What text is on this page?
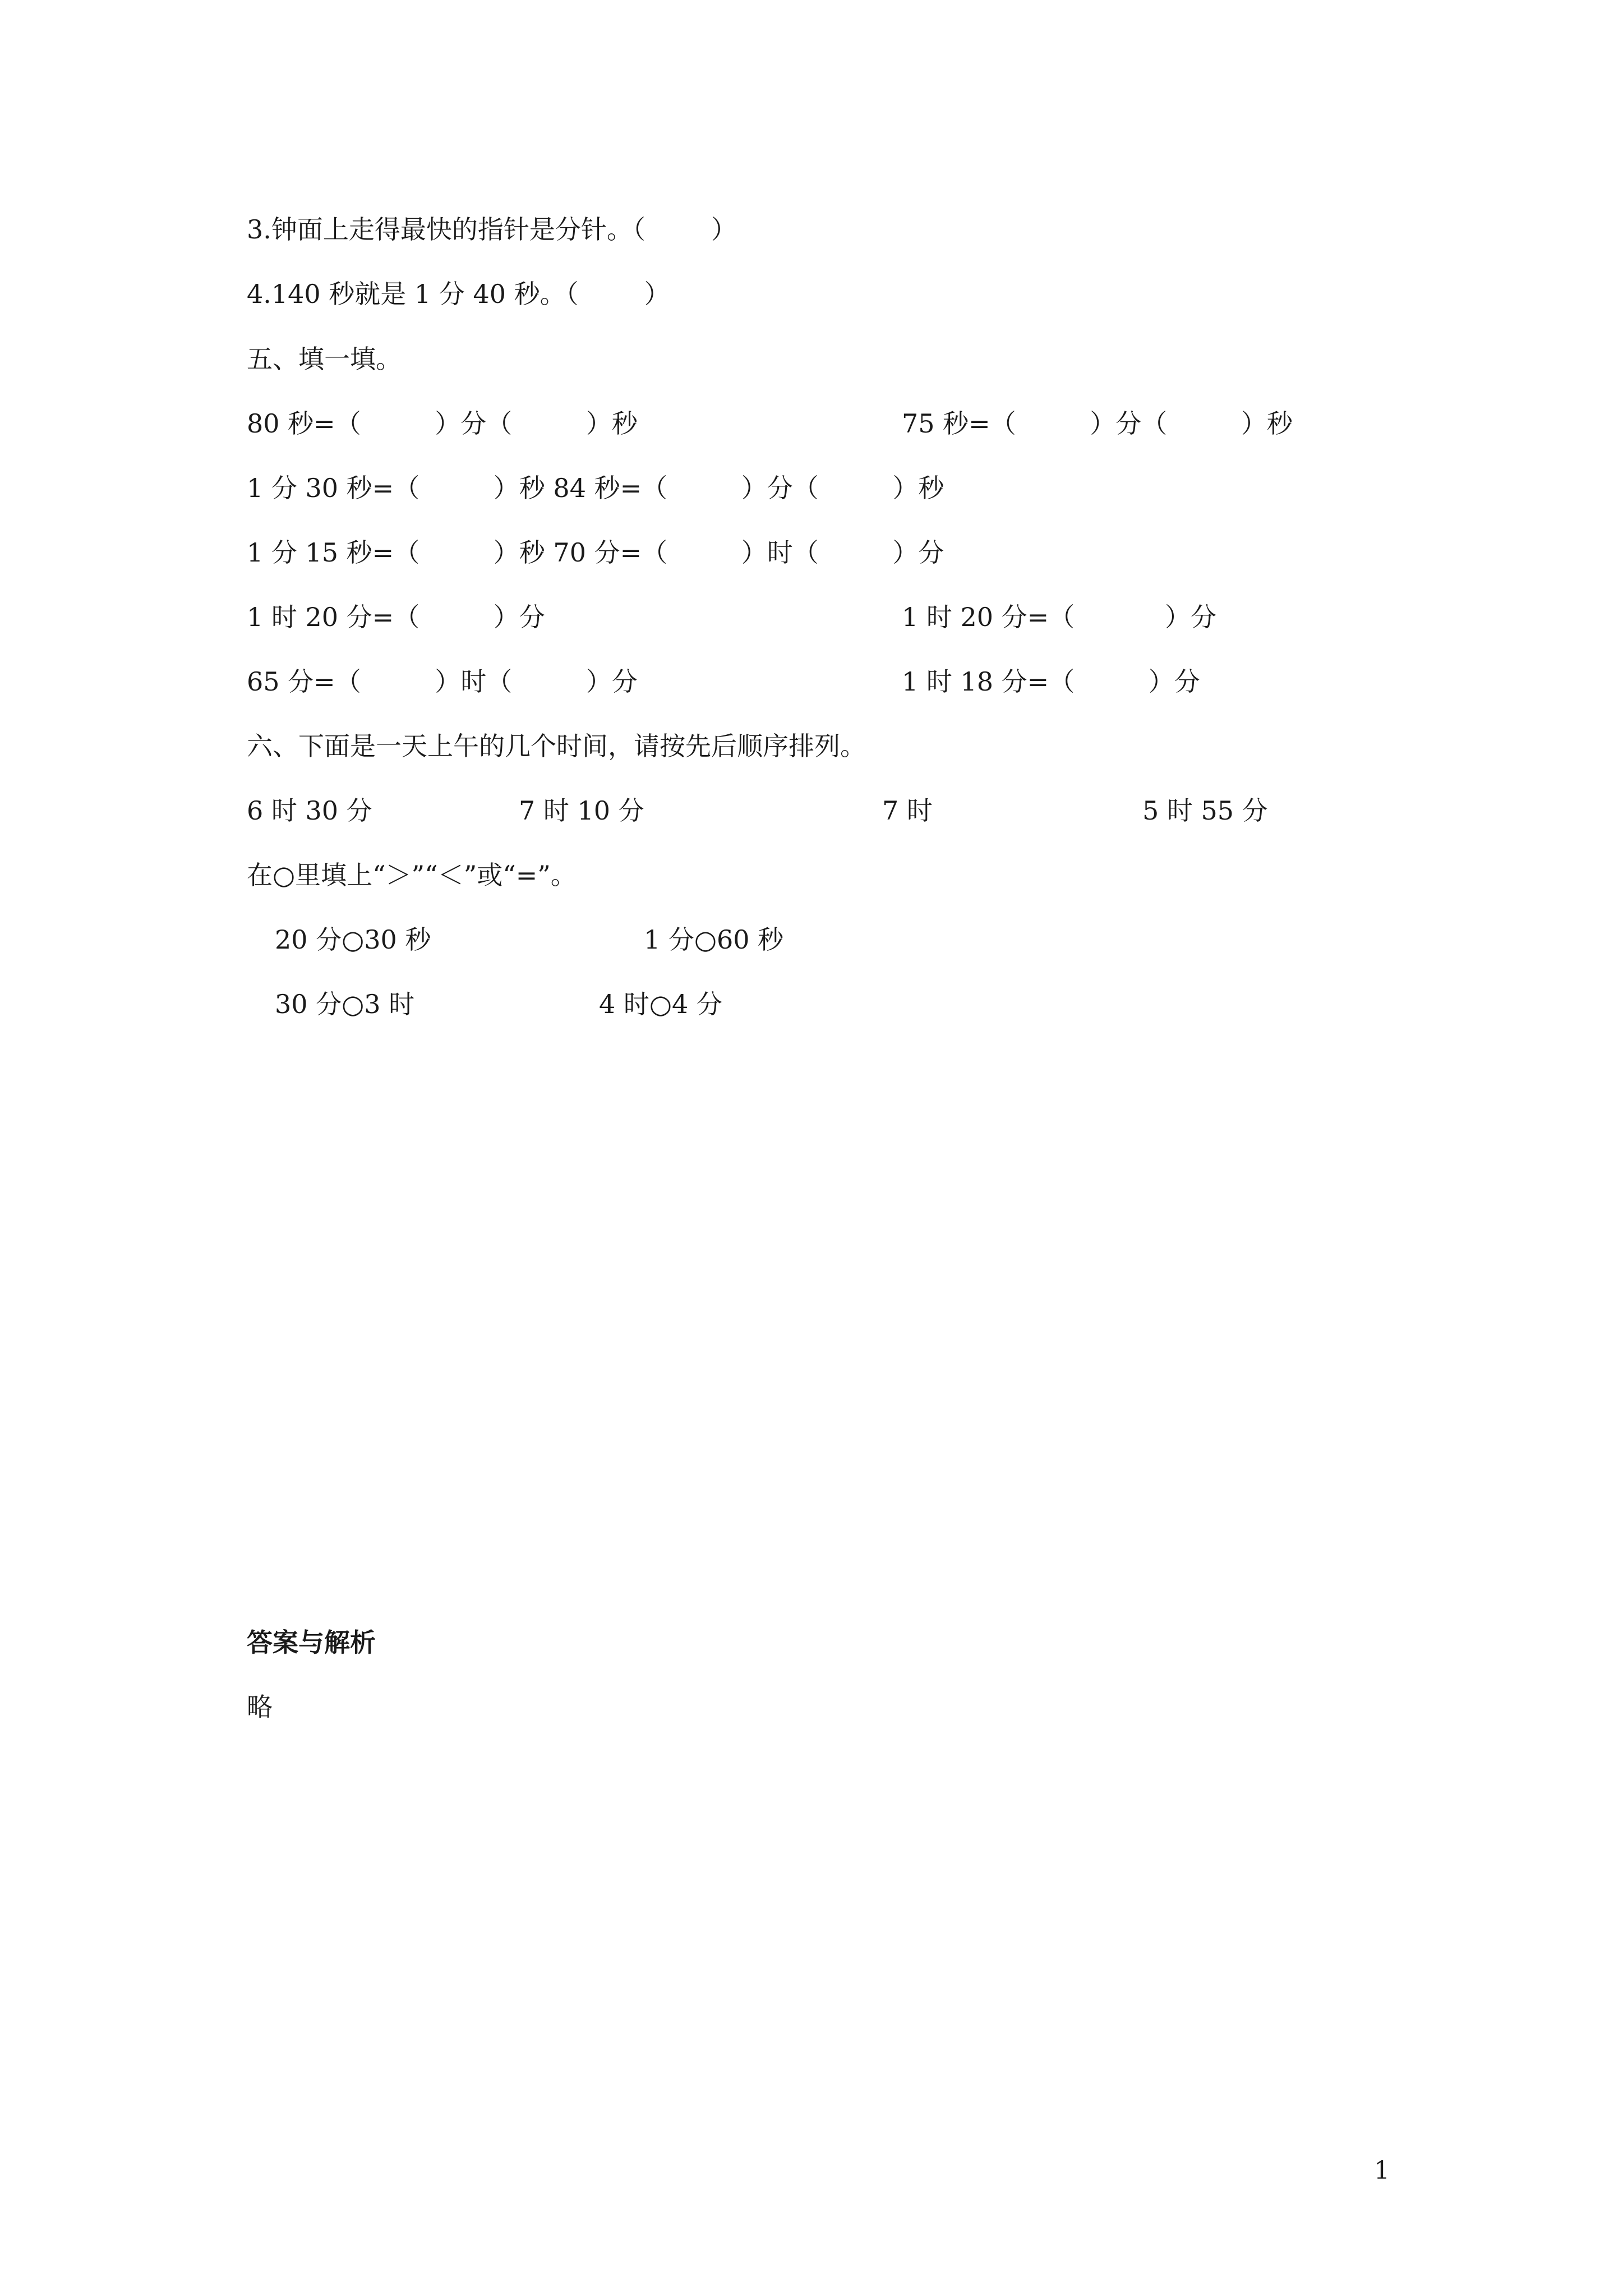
3.钟面上走得最快的指针是分针。（        ）
4.140 秒就是 1 分 40 秒。（        ）
五、填一填。
80 秒=（         ）分（         ）秒	75 秒=（         ）分（         ）秒
1 分 30 秒=（         ）秒 84 秒=（         ）分（         ）秒
1 分 15 秒=（         ）秒 70 分=（         ）时（         ）分
1 时 20 分=（         ）分	1 时 20 分=（           ）分
65 分=（         ）时（         ）分	1 时 18 分=（         ）分
六、下面是一天上午的几个时间，请按先后顺序排列。
6 时 30 分	7 时 10 分	7 时	5 时 55 分
在○里填上“＞”“＜”或“=”。
20 分○30 秒	1 分○60 秒
30 分○3 时	4 时○4 分
答案与解析
略
1
